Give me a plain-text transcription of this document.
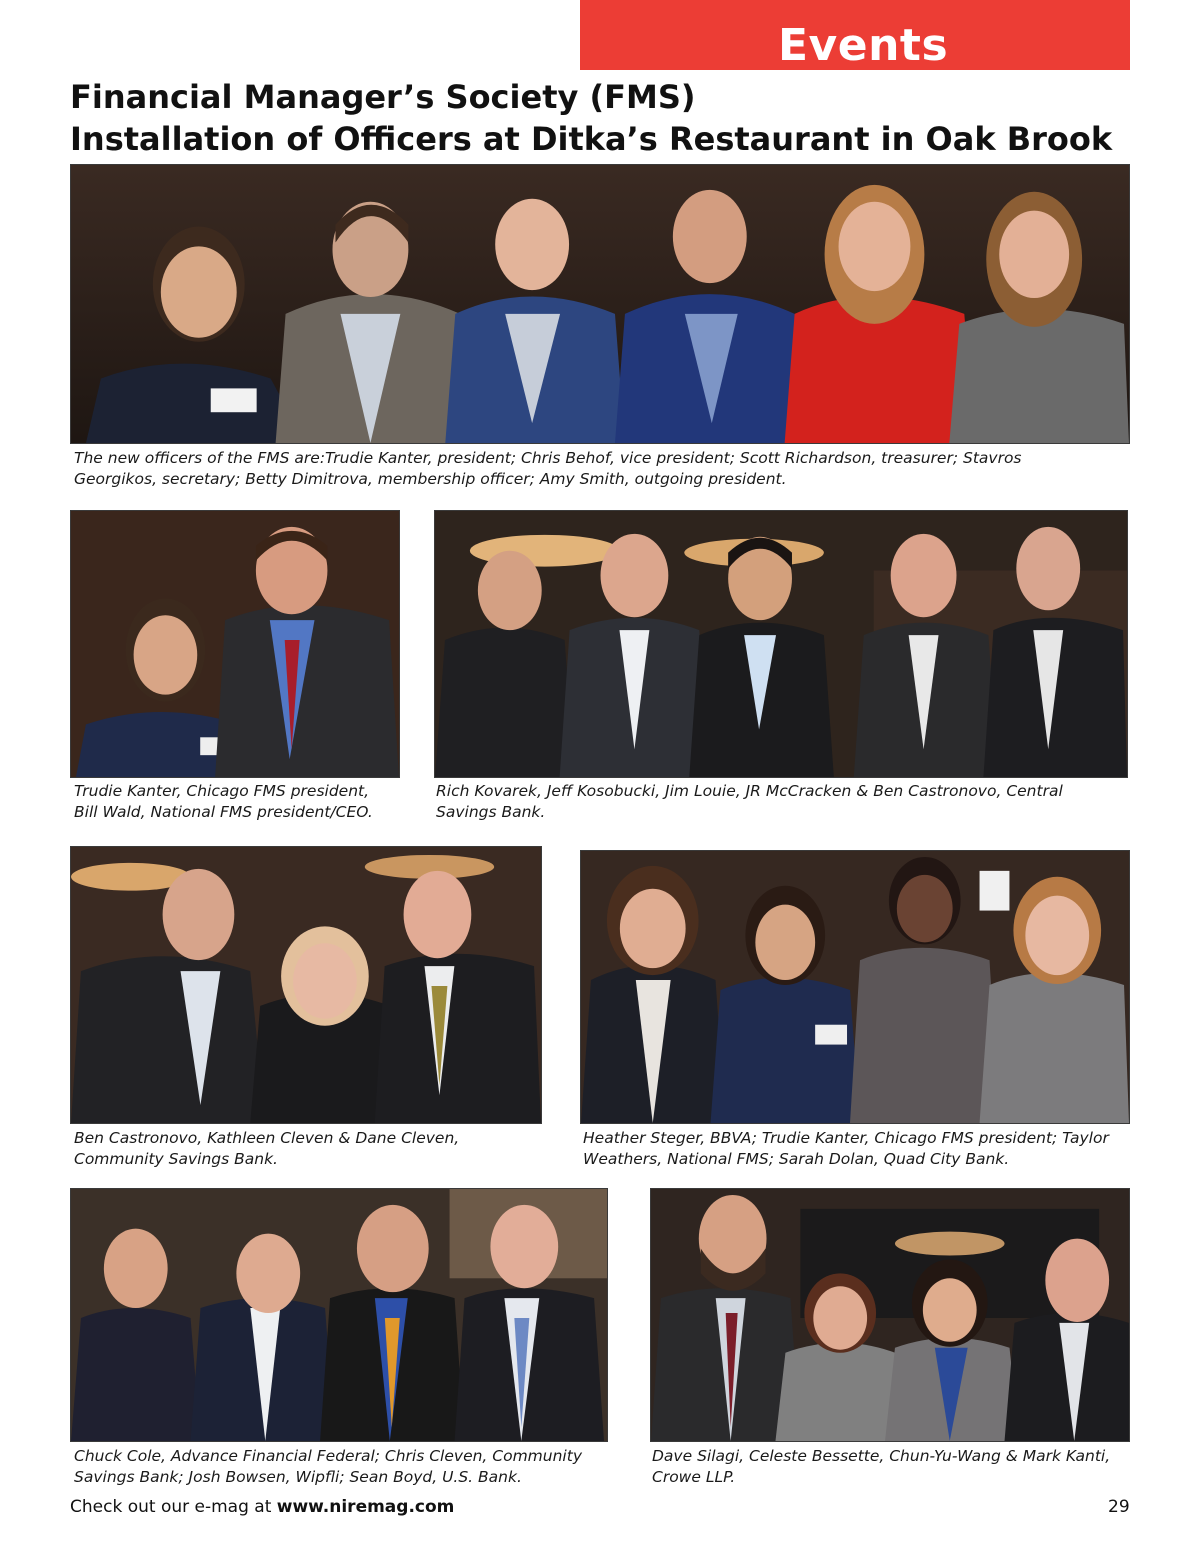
Events
Financial Manager’s Society (FMS)
Installation of Officers at Ditka’s Restaurant in Oak Brook
The new officers of the FMS are:Trudie Kanter, president; Chris Behof, vice president; Scott Richardson, treasurer; Stavros
Georgikos, secretary; Betty Dimitrova, membership officer; Amy Smith, outgoing president.
Trudie Kanter, Chicago FMS president,
Bill Wald, National FMS president/CEO.
Rich Kovarek, Jeff Kosobucki, Jim Louie, JR McCracken & Ben Castronovo, Central
Savings Bank.
Ben Castronovo, Kathleen Cleven & Dane Cleven,
Community Savings Bank.
Heather Steger, BBVA; Trudie Kanter, Chicago FMS president; Taylor
Weathers, National FMS; Sarah Dolan, Quad City Bank.
Chuck Cole, Advance Financial Federal; Chris Cleven, Community
Savings Bank; Josh Bowsen, Wipfli; Sean Boyd, U.S. Bank.
Dave Silagi, Celeste Bessette, Chun-Yu-Wang & Mark Kanti,
Crowe LLP.
Check out our e-mag at www.niremag.com	29
